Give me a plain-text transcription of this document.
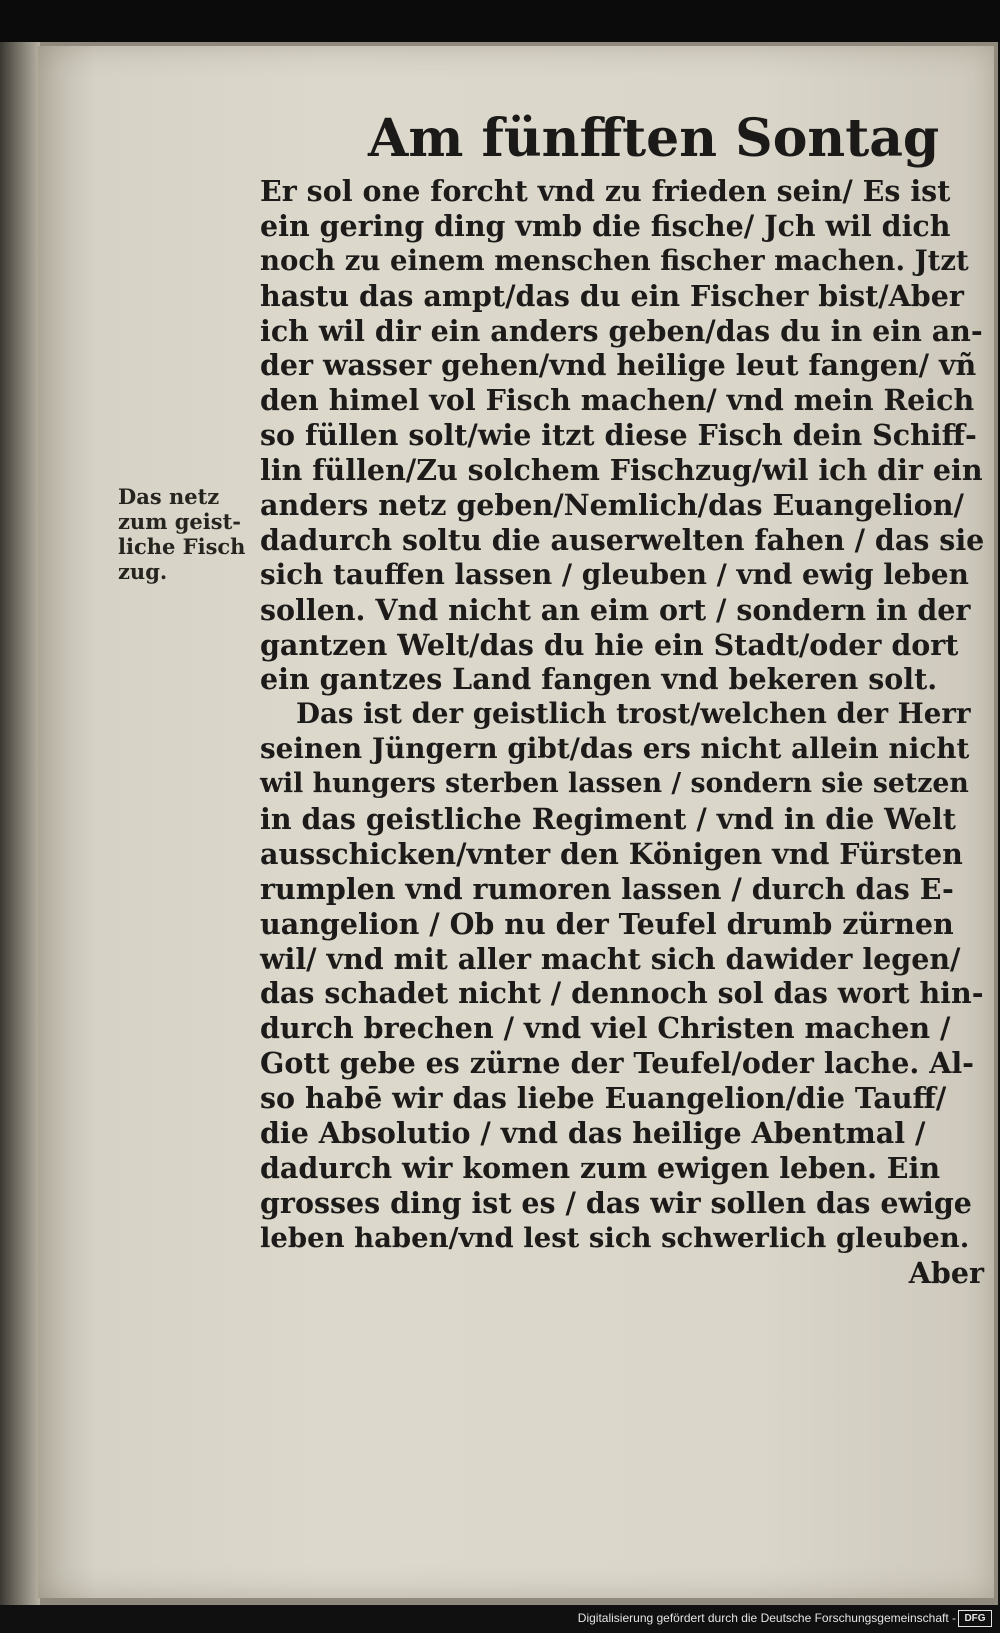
Am fünfften Sontag
Das netz
zum geist-
liche Fisch
zug.
Er sol one forcht vnd zu frieden sein/ Es ist
ein gering ding vmb die fische/ Jch wil dich
noch zu einem menschen fischer machen. Jtzt
hastu das ampt/das du ein Fischer bist/Aber
ich wil dir ein anders geben/das du in ein an-
der wasser gehen/vnd heilige leut fangen/ vñ
den himel vol Fisch machen/ vnd mein Reich
so füllen solt/wie itzt diese Fisch dein Schiff-
lin füllen/Zu solchem Fischzug/wil ich dir ein
anders netz geben/Nemlich/das Euangelion/
dadurch soltu die auserwelten fahen / das sie
sich tauffen lassen / gleuben / vnd ewig leben
sollen. Vnd nicht an eim ort / sondern in der
gantzen Welt/das du hie ein Stadt/oder dort
ein gantzes Land fangen vnd bekeren solt.
Das ist der geistlich trost/welchen der Herr
seinen Jüngern gibt/das ers nicht allein nicht
wil hungers sterben lassen / sondern sie setzen
in das geistliche Regiment / vnd in die Welt
ausschicken/vnter den Königen vnd Fürsten
rumplen vnd rumoren lassen / durch das E-
uangelion / Ob nu der Teufel drumb zürnen
wil/ vnd mit aller macht sich dawider legen/
das schadet nicht / dennoch sol das wort hin-
durch brechen / vnd viel Christen machen /
Gott gebe es zürne der Teufel/oder lache. Al-
so habē wir das liebe Euangelion/die Tauff/
die Absolutio / vnd das heilige Abentmal /
dadurch wir komen zum ewigen leben. Ein
grosses ding ist es / das wir sollen das ewige
leben haben/vnd lest sich schwerlich gleuben.
Aber
Digitalisierung gefördert durch die Deutsche Forschungsgemeinschaft - DFG
